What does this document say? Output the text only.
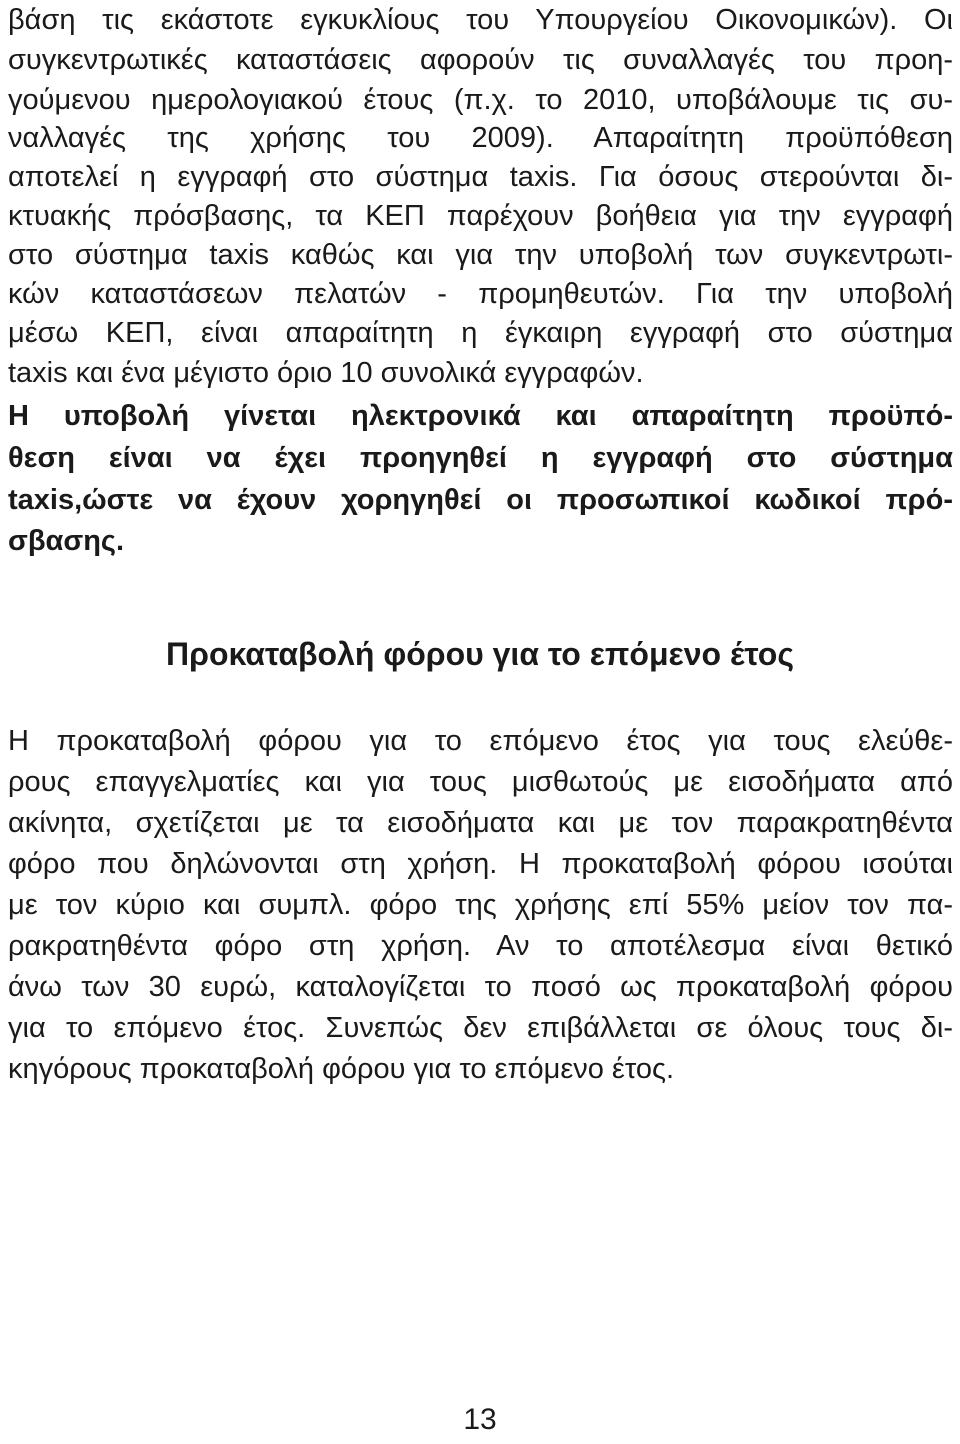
βάση τις εκάστοτε εγκυκλίους του Υπουργείου Οικονομικών). Οι
συγκεντρωτικές καταστάσεις αφορούν τις συναλλαγές του προη-
γούμενου ημερολογιακού έτους (π.χ. το 2010, υποβάλουμε τις συ-
ναλλαγές της χρήσης του 2009). Απαραίτητη προϋπόθεση
αποτελεί η εγγραφή στο σύστημα taxis. Για όσους στερούνται δι-
κτυακής πρόσβασης, τα ΚΕΠ παρέχουν βοήθεια για την εγγραφή
στο σύστημα taxis καθώς και για την υποβολή των συγκεντρωτι-
κών καταστάσεων πελατών - προμηθευτών. Για την υποβολή
μέσω ΚΕΠ, είναι απαραίτητη η έγκαιρη εγγραφή στο σύστημα
taxis και ένα μέγιστο όριο 10 συνολικά εγγραφών.
Η υποβολή γίνεται ηλεκτρονικά και απαραίτητη προϋπό-
θεση είναι να έχει προηγηθεί η εγγραφή στο σύστημα
taxis,ώστε να έχουν χορηγηθεί οι προσωπικοί κωδικοί πρό-
σβασης.
Προκαταβολή φόρου για το επόμενο έτος
Η προκαταβολή φόρου για το επόμενο έτος για τους ελεύθε-
ρους επαγγελματίες και για τους μισθωτούς με εισοδήματα από
ακίνητα, σχετίζεται με τα εισοδήματα και με τον παρακρατηθέντα
φόρο που δηλώνονται στη χρήση. Η προκαταβολή φόρου ισούται
με τον κύριο και συμπλ. φόρο της χρήσης επί 55% μείον τον πα-
ρακρατηθέντα φόρο στη χρήση. Αν το αποτέλεσμα είναι θετικό
άνω των 30 ευρώ, καταλογίζεται το ποσό ως προκαταβολή φόρου
για το επόμενο έτος. Συνεπώς δεν επιβάλλεται σε όλους τους δι-
κηγόρους προκαταβολή φόρου για το επόμενο έτος.
13
